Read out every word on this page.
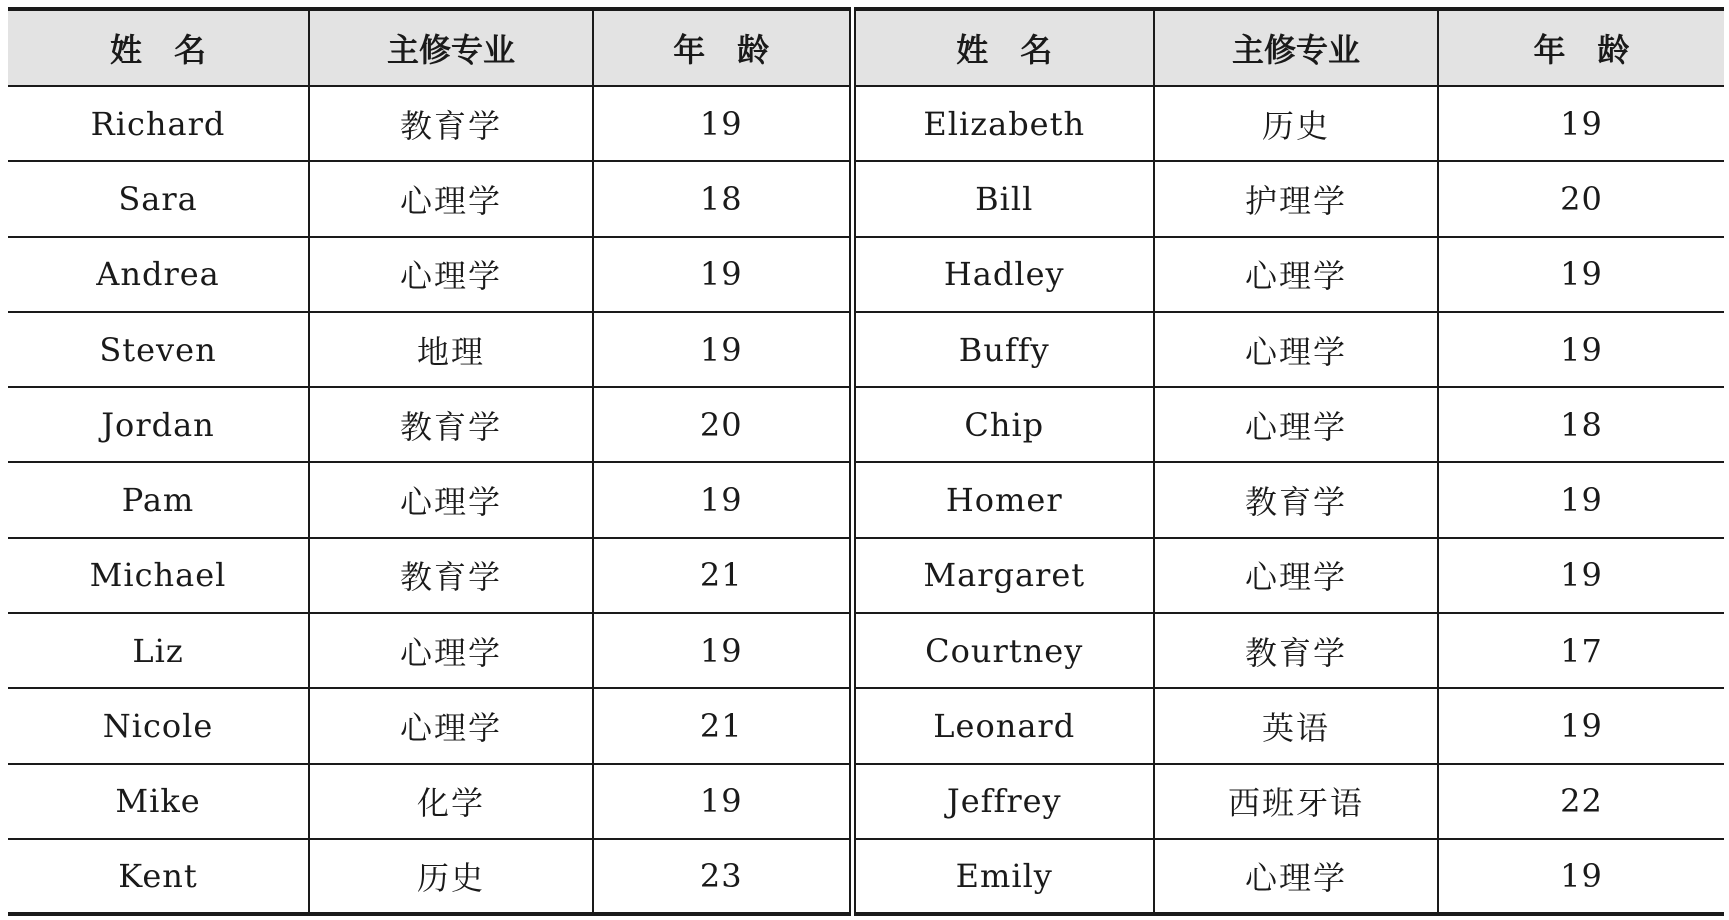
姓　名	主修专业	年　龄	姓　名	主修专业	年　龄
Richard	教育学	19	Elizabeth	历史	19
Sara	心理学	18	Bill	护理学	20
Andrea	心理学	19	Hadley	心理学	19
Steven	地理	19	Buffy	心理学	19
Jordan	教育学	20	Chip	心理学	18
Pam	心理学	19	Homer	教育学	19
Michael	教育学	21	Margaret	心理学	19
Liz	心理学	19	Courtney	教育学	17
Nicole	心理学	21	Leonard	英语	19
Mike	化学	19	Jeffrey	西班牙语	22
Kent	历史	23	Emily	心理学	19
